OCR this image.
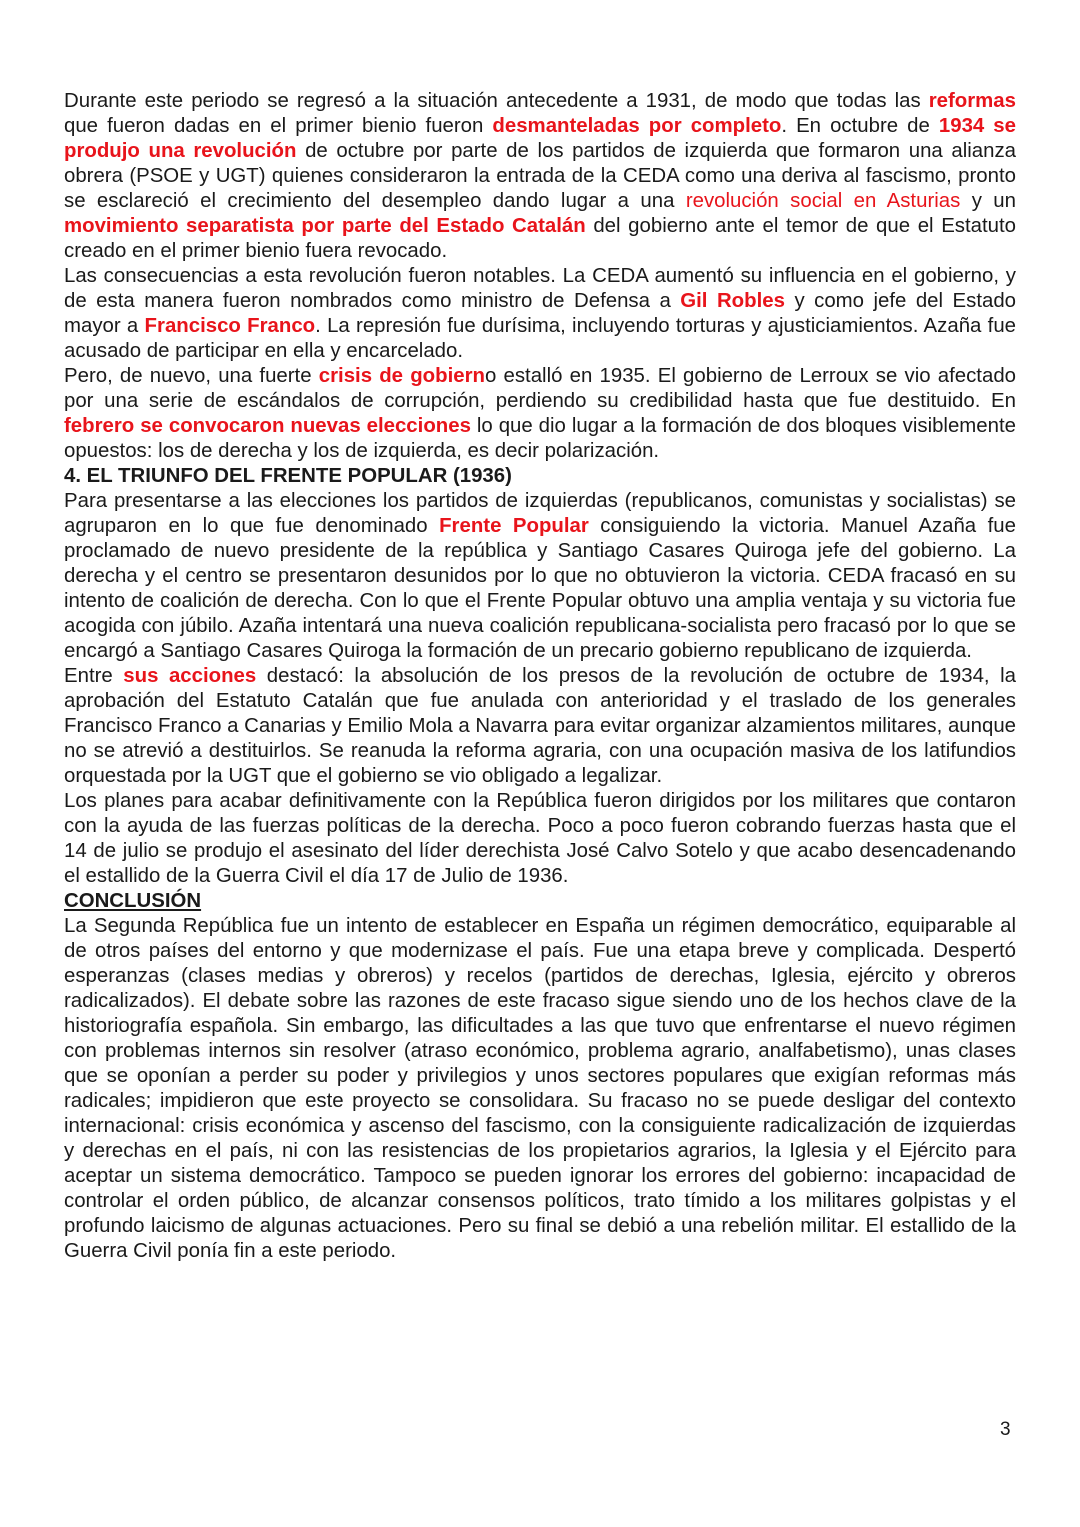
Durante este periodo se regresó a la situación antecedente a 1931, de modo que todas las reformas que fueron dadas en el primer bienio fueron desmanteladas por completo. En octubre de 1934 se produjo una revolución de octubre por parte de los partidos de izquierda que formaron una alianza obrera (PSOE y UGT) quienes consideraron la entrada de la CEDA como una deriva al fascismo, pronto se esclareció el crecimiento del desempleo dando lugar a una revolución social en Asturias y un movimiento separatista por parte del Estado Catalán del gobierno ante el temor de que el Estatuto creado en el primer bienio fuera revocado.

Las consecuencias a esta revolución fueron notables. La CEDA aumentó su influencia en el gobierno, y de esta manera fueron nombrados como ministro de Defensa a Gil Robles y como jefe del Estado mayor a Francisco Franco. La represión fue durísima, incluyendo torturas y ajusticiamientos. Azaña fue acusado de participar en ella y encarcelado.

Pero, de nuevo, una fuerte crisis de gobierno estalló en 1935. El gobierno de Lerroux se vio afectado por una serie de escándalos de corrupción, perdiendo su credibilidad hasta que fue destituido. En febrero se convocaron nuevas elecciones lo que dio lugar a la formación de dos bloques visiblemente opuestos: los de derecha y los de izquierda, es decir polarización.

4. EL TRIUNFO DEL FRENTE POPULAR (1936)

Para presentarse a las elecciones los partidos de izquierdas (republicanos, comunistas y socialistas) se agruparon en lo que fue denominado Frente Popular consiguiendo la victoria. Manuel Azaña fue proclamado de nuevo presidente de la república y Santiago Casares Quiroga jefe del gobierno. La derecha y el centro se presentaron desunidos por lo que no obtuvieron la victoria. CEDA fracasó en su intento de coalición de derecha. Con lo que el Frente Popular obtuvo una amplia ventaja y su victoria fue acogida con júbilo. Azaña intentará una nueva coalición republicana-socialista pero fracasó por lo que se encargó a Santiago Casares Quiroga la formación de un precario gobierno republicano de izquierda.

Entre sus acciones destacó: la absolución de los presos de la revolución de octubre de 1934, la aprobación del Estatuto Catalán que fue anulada con anterioridad y el traslado de los generales Francisco Franco a Canarias y Emilio Mola a Navarra para evitar organizar alzamientos militares, aunque no se atrevió a destituirlos. Se reanuda la reforma agraria, con una ocupación masiva de los latifundios orquestada por la UGT que el gobierno se vio obligado a legalizar.

Los planes para acabar definitivamente con la República fueron dirigidos por los militares que contaron con la ayuda de las fuerzas políticas de la derecha. Poco a poco fueron cobrando fuerzas hasta que el 14 de julio se produjo el asesinato del líder derechista José Calvo Sotelo y que acabo desencadenando el estallido de la Guerra Civil el día 17 de Julio de 1936.

CONCLUSIÓN

La Segunda República fue un intento de establecer en España un régimen democrático, equiparable al de otros países del entorno y que modernizase el país. Fue una etapa breve y complicada. Despertó esperanzas (clases medias y obreros) y recelos (partidos de derechas, Iglesia, ejército y obreros radicalizados). El debate sobre las razones de este fracaso sigue siendo uno de los hechos clave de la historiografía española. Sin embargo, las dificultades a las que tuvo que enfrentarse el nuevo régimen con problemas internos sin resolver (atraso económico, problema agrario, analfabetismo), unas clases que se oponían a perder su poder y privilegios y unos sectores populares que exigían reformas más radicales; impidieron que este proyecto se consolidara. Su fracaso no se puede desligar del contexto internacional: crisis económica y ascenso del fascismo, con la consiguiente radicalización de izquierdas y derechas en el país, ni con las resistencias de los propietarios agrarios, la Iglesia y el Ejército para aceptar un sistema democrático. Tampoco se pueden ignorar los errores del gobierno: incapacidad de controlar el orden público, de alcanzar consensos políticos, trato tímido a los militares golpistas y el profundo laicismo de algunas actuaciones. Pero su final se debió a una rebelión militar. El estallido de la Guerra Civil ponía fin a este periodo.

3
